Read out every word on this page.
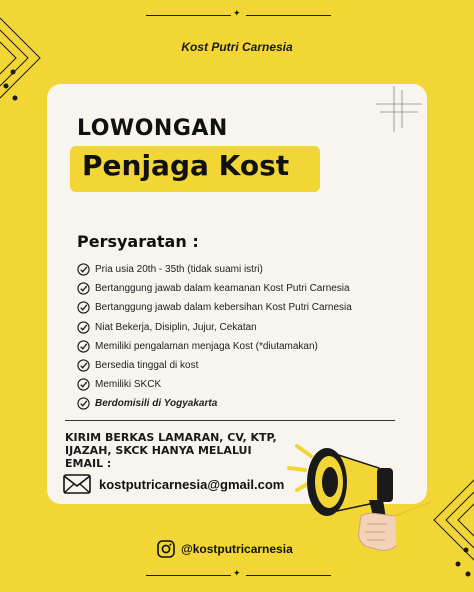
✦
Kost Putri Carnesia
LOWONGAN
Penjaga Kost
Persyaratan :
Pria usia 20th - 35th (tidak suami istri)
Bertanggung jawab dalam keamanan Kost Putri Carnesia
Bertanggung jawab dalam kebersihan Kost Putri Carnesia
Niat Bekerja, Disiplin, Jujur, Cekatan
Memiliki pengalaman menjaga Kost (*diutamakan)
Bersedia tinggal di kost
Memiliki SKCK
Berdomisili di Yogyakarta
KIRIM BERKAS LAMARAN, CV, KTP,
IJAZAH, SKCK HANYA MELALUI
EMAIL :
kostputricarnesia@gmail.com
✦
@kostputricarnesia
